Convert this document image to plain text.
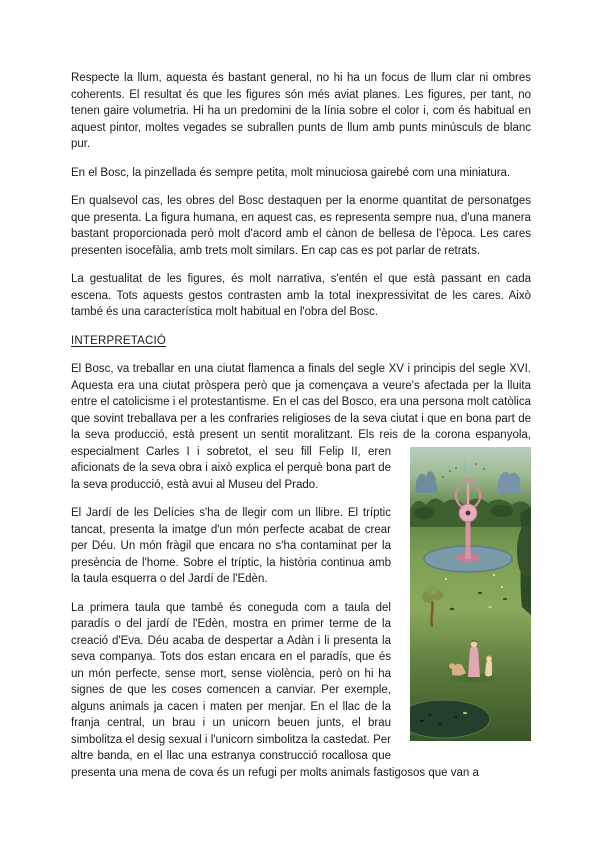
Respecte la llum, aquesta és bastant general, no hi ha un focus de llum clar ni ombres coherents. El resultat és que les figures són més aviat planes. Les figures, per tant, no tenen gaire volumetria. Hi ha un predomini de la línia sobre el color i, com és habitual en aquest pintor, moltes vegades se subrallen punts de llum amb punts minúsculs de blanc pur.

En el Bosc, la pinzellada és sempre petita, molt minuciosa gairebé com una miniatura.

En qualsevol cas, les obres del Bosc destaquen per la enorme quantitat de personatges que presenta. La figura humana, en aquest cas, es representa sempre nua, d'una manera bastant proporcionada però molt d'acord amb el cànon de bellesa de l'època. Les cares presenten isocefàlia, amb trets molt similars. En cap cas es pot parlar de retrats.

La gestualitat de les figures, és molt narrativa, s'entén el que està passant en cada escena. Tots aquests gestos contrasten amb la total inexpressivitat de les cares. Això també és una característica molt habitual en l'obra del Bosc.

INTERPRETACIÓ

El Bosc, va treballar en una ciutat flamenca a finals del segle XV i principis del segle XVI. Aquesta era una ciutat pròspera però que ja començava a veure's afectada per la lluita entre el catolicisme i el protestantisme. En el cas del Bosco, era una persona molt catòlica que sovint treballava per a les confraries religioses de la seva ciutat i que en bona part de la seva producció, està present un sentit moralitzant. Els reis de la corona espanyola, especialment Carles I i sobretot, el seu fill Felip II, eren aficionats de la seva obra i això explica el perquè bona part de la seva producció, està avui al Museu del Prado.

El Jardí de les Delícies s'ha de llegir com un llibre. El tríptic tancat, presenta la imatge d'un món perfecte acabat de crear per Déu. Un món fràgil que encara no s'ha contaminat per la presència de l'home. Sobre el tríptic, la història continua amb la taula esquerra o del Jardí de l'Edèn.

La primera taula que també és coneguda com a taula del paradís o del jardí de l'Edèn, mostra en primer terme de la creació d'Eva. Déu acaba de despertar a Adàn i li presenta la seva companya. Tots dos estan encara en el paradís, que és un món perfecte, sense mort, sense violència, però on hi ha signes de que les coses comencen a canviar. Per exemple, alguns animals ja cacen i maten per menjar. En el llac de la franja central, un brau i un unicorn beuen junts, el brau simbolitza el desig sexual i l'unicorn simbolitza la castedat. Per altre banda, en el llac una estranya construcció rocallosa que presenta una mena de cova és un refugi per molts animals fastigosos que van a
